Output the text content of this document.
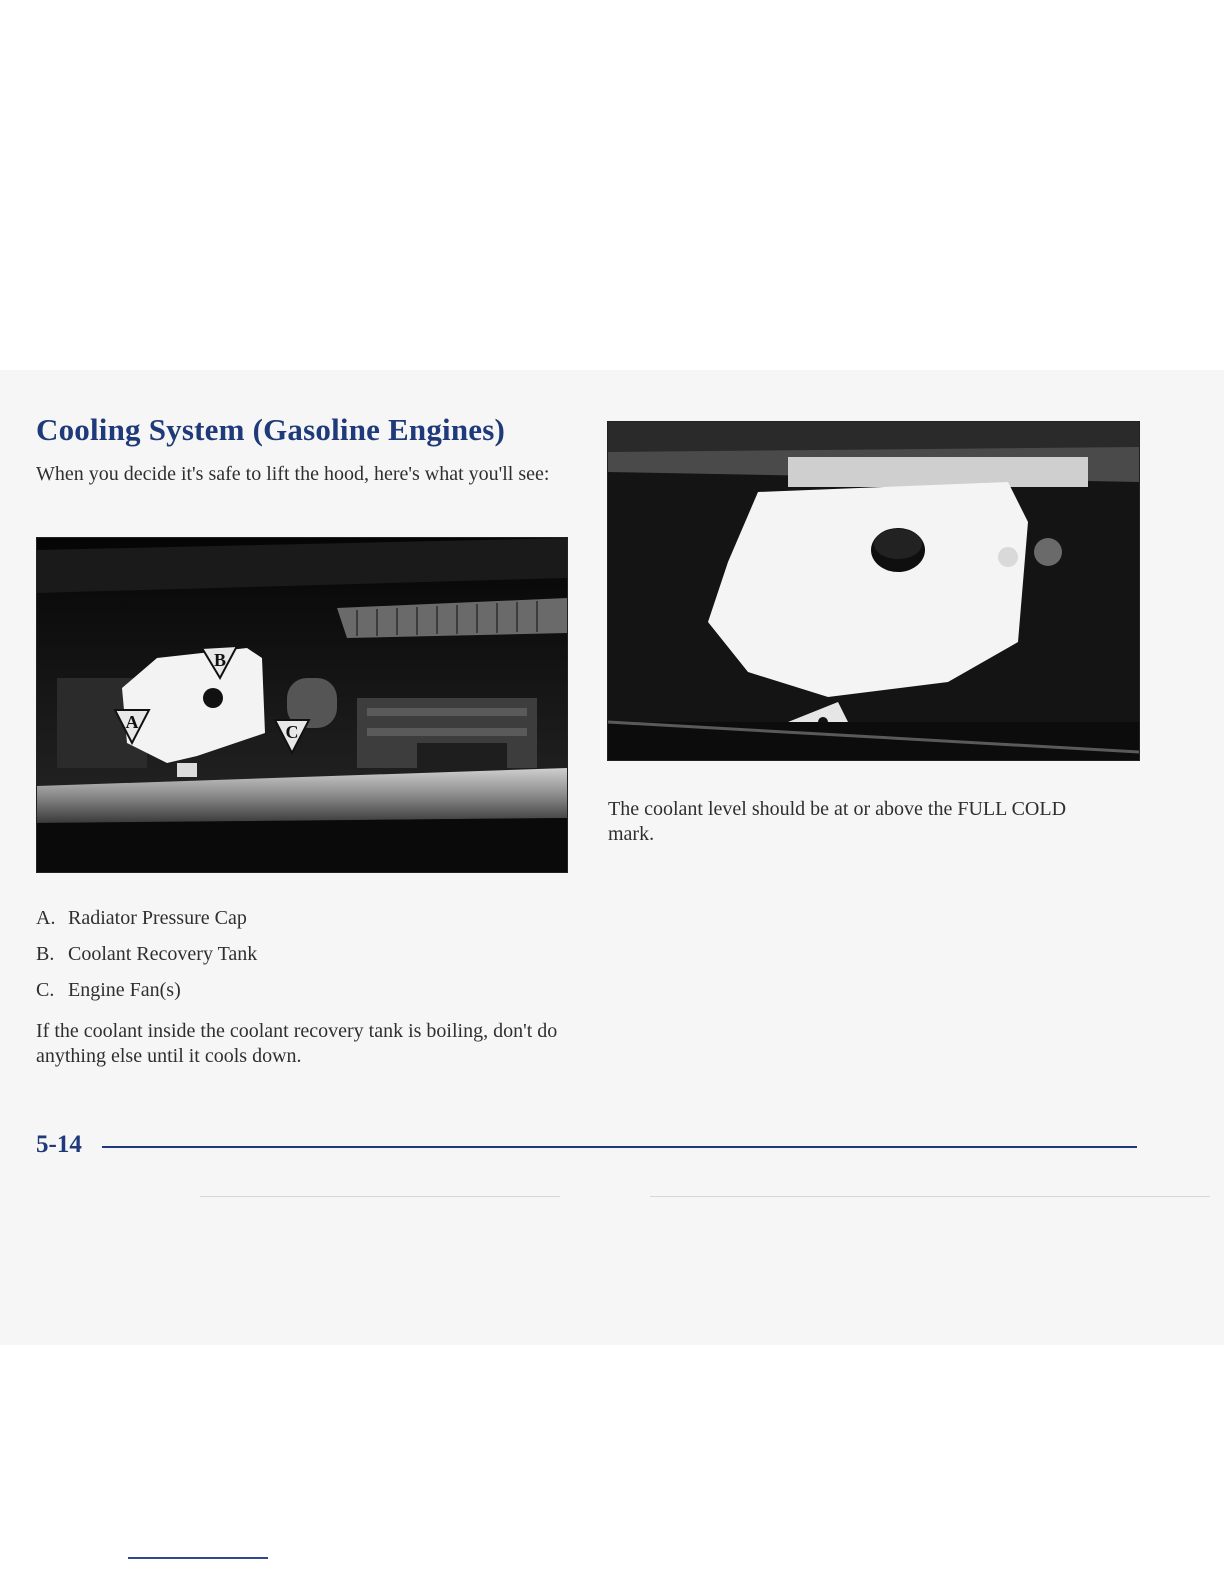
Cooling System (Gasoline Engines)

When you decide it's safe to lift the hood, here's what you'll see:

B
A	C

The coolant level should be at or above the FULL COLD mark.

A. Radiator Pressure Cap
B. Coolant Recovery Tank
C. Engine Fan(s)

If the coolant inside the coolant recovery tank is boiling, don't do anything else until it cools down.

5-14
